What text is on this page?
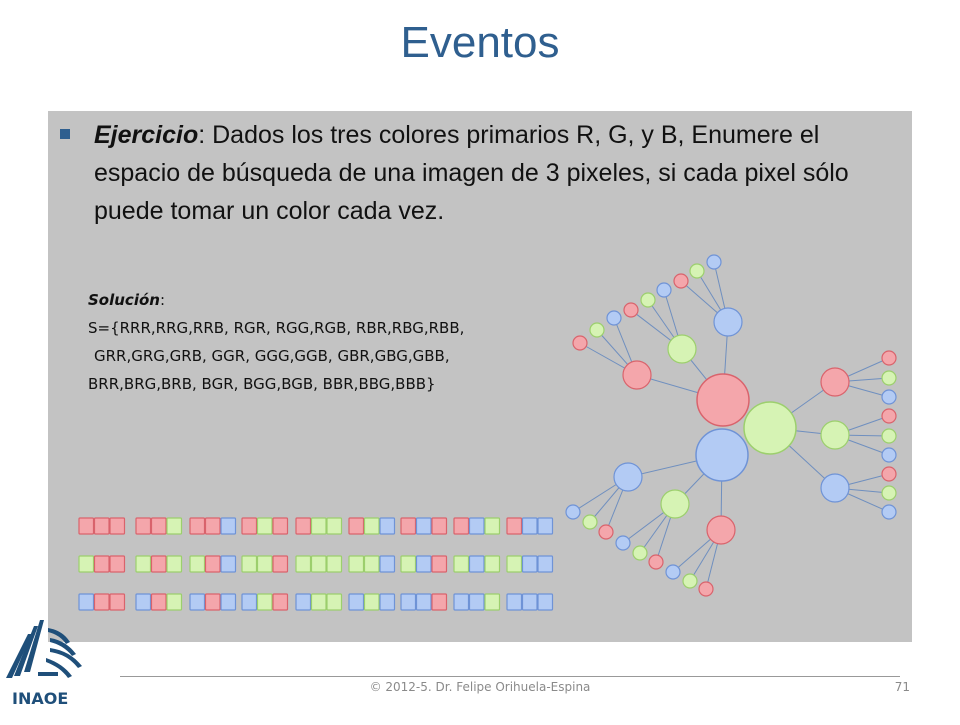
Eventos
Ejercicio: Dados los tres colores primarios R, G, y B, Enumere el espacio de búsqueda de una imagen de 3 pixeles, si cada pixel sólo puede tomar un color cada vez.
Solución:
S={RRR,RRG,RRB, RGR, RGG,RGB, RBR,RBG,RBB,
GRR,GRG,GRB, GGR, GGG,GGB, GBR,GBG,GBB,
BRR,BRG,BRB, BGR, BGG,BGB, BBR,BBG,BBB}
INAOE
© 2012-5. Dr. Felipe Orihuela-Espina	71
